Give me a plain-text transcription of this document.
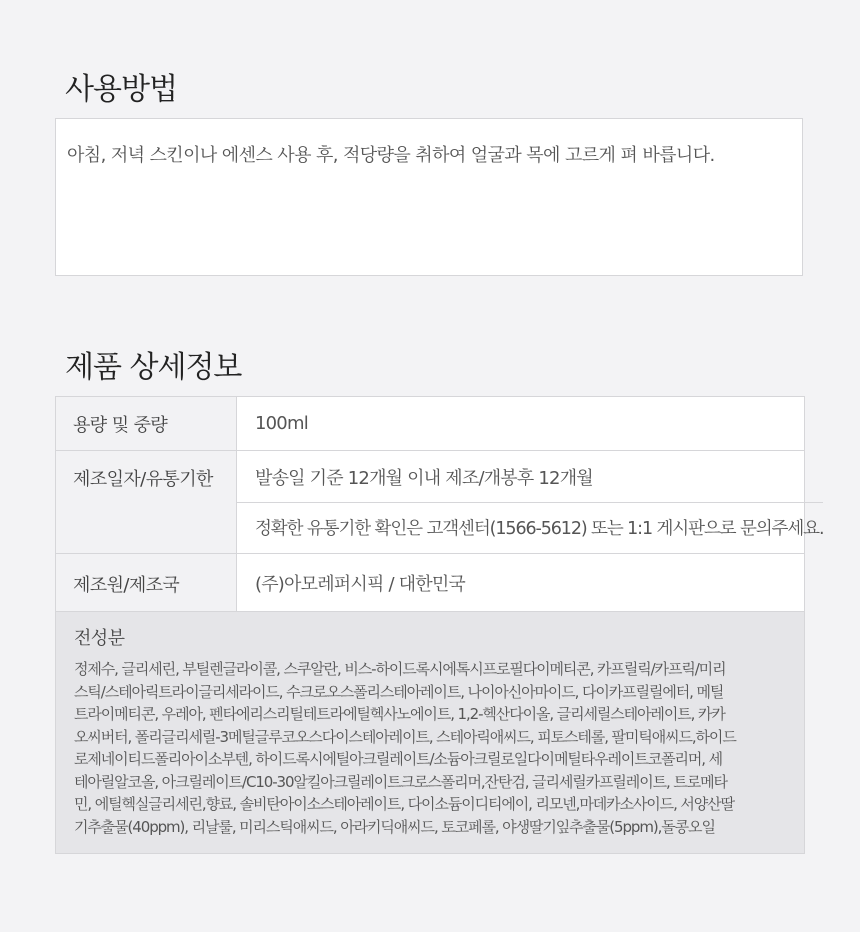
사용방법
아침, 저녁 스킨이나 에센스 사용 후, 적당량을 취하여 얼굴과 목에 고르게 펴 바릅니다.
제품 상세정보
용량 및 중량	100ml
제조일자/유통기한	발송일 기준 12개월 이내 제조/개봉후 12개월
정확한 유통기한 확인은 고객센터(1566-5612) 또는 1:1 게시판으로 문의주세요.
제조원/제조국	(주)아모레퍼시픽 / 대한민국
전성분
정제수, 글리세린, 부틸렌글라이콜, 스쿠알란, 비스-하이드록시에톡시프로필다이메티콘, 카프릴릭/카프릭/미리
스틱/스테아릭트라이글리세라이드, 수크로오스폴리스테아레이트, 나이아신아마이드, 다이카프릴릴에터, 메틸
트라이메티콘, 우레아, 펜타에리스리틸테트라에틸헥사노에이트, 1,2-헥산다이올, 글리세릴스테아레이트, 카카
오씨버터, 폴리글리세릴-3메틸글루코오스다이스테아레이트, 스테아릭애씨드, 피토스테롤, 팔미틱애씨드,하이드
로제네이티드폴리아이소부텐, 하이드록시에틸아크릴레이트/소듐아크릴로일다이메틸타우레이트코폴리머, 세
테아릴알코올, 아크릴레이트/C10-30알킬아크릴레이트크로스폴리머,잔탄검, 글리세릴카프릴레이트, 트로메타
민, 에틸헥실글리세린,향료, 솔비탄아이소스테아레이트, 다이소듐이디티에이, 리모넨,마데카소사이드, 서양산딸
기추출물(40ppm), 리날룰, 미리스틱애씨드, 아라키딕애씨드, 토코페롤, 야생딸기잎추출물(5ppm),돌콩오일
